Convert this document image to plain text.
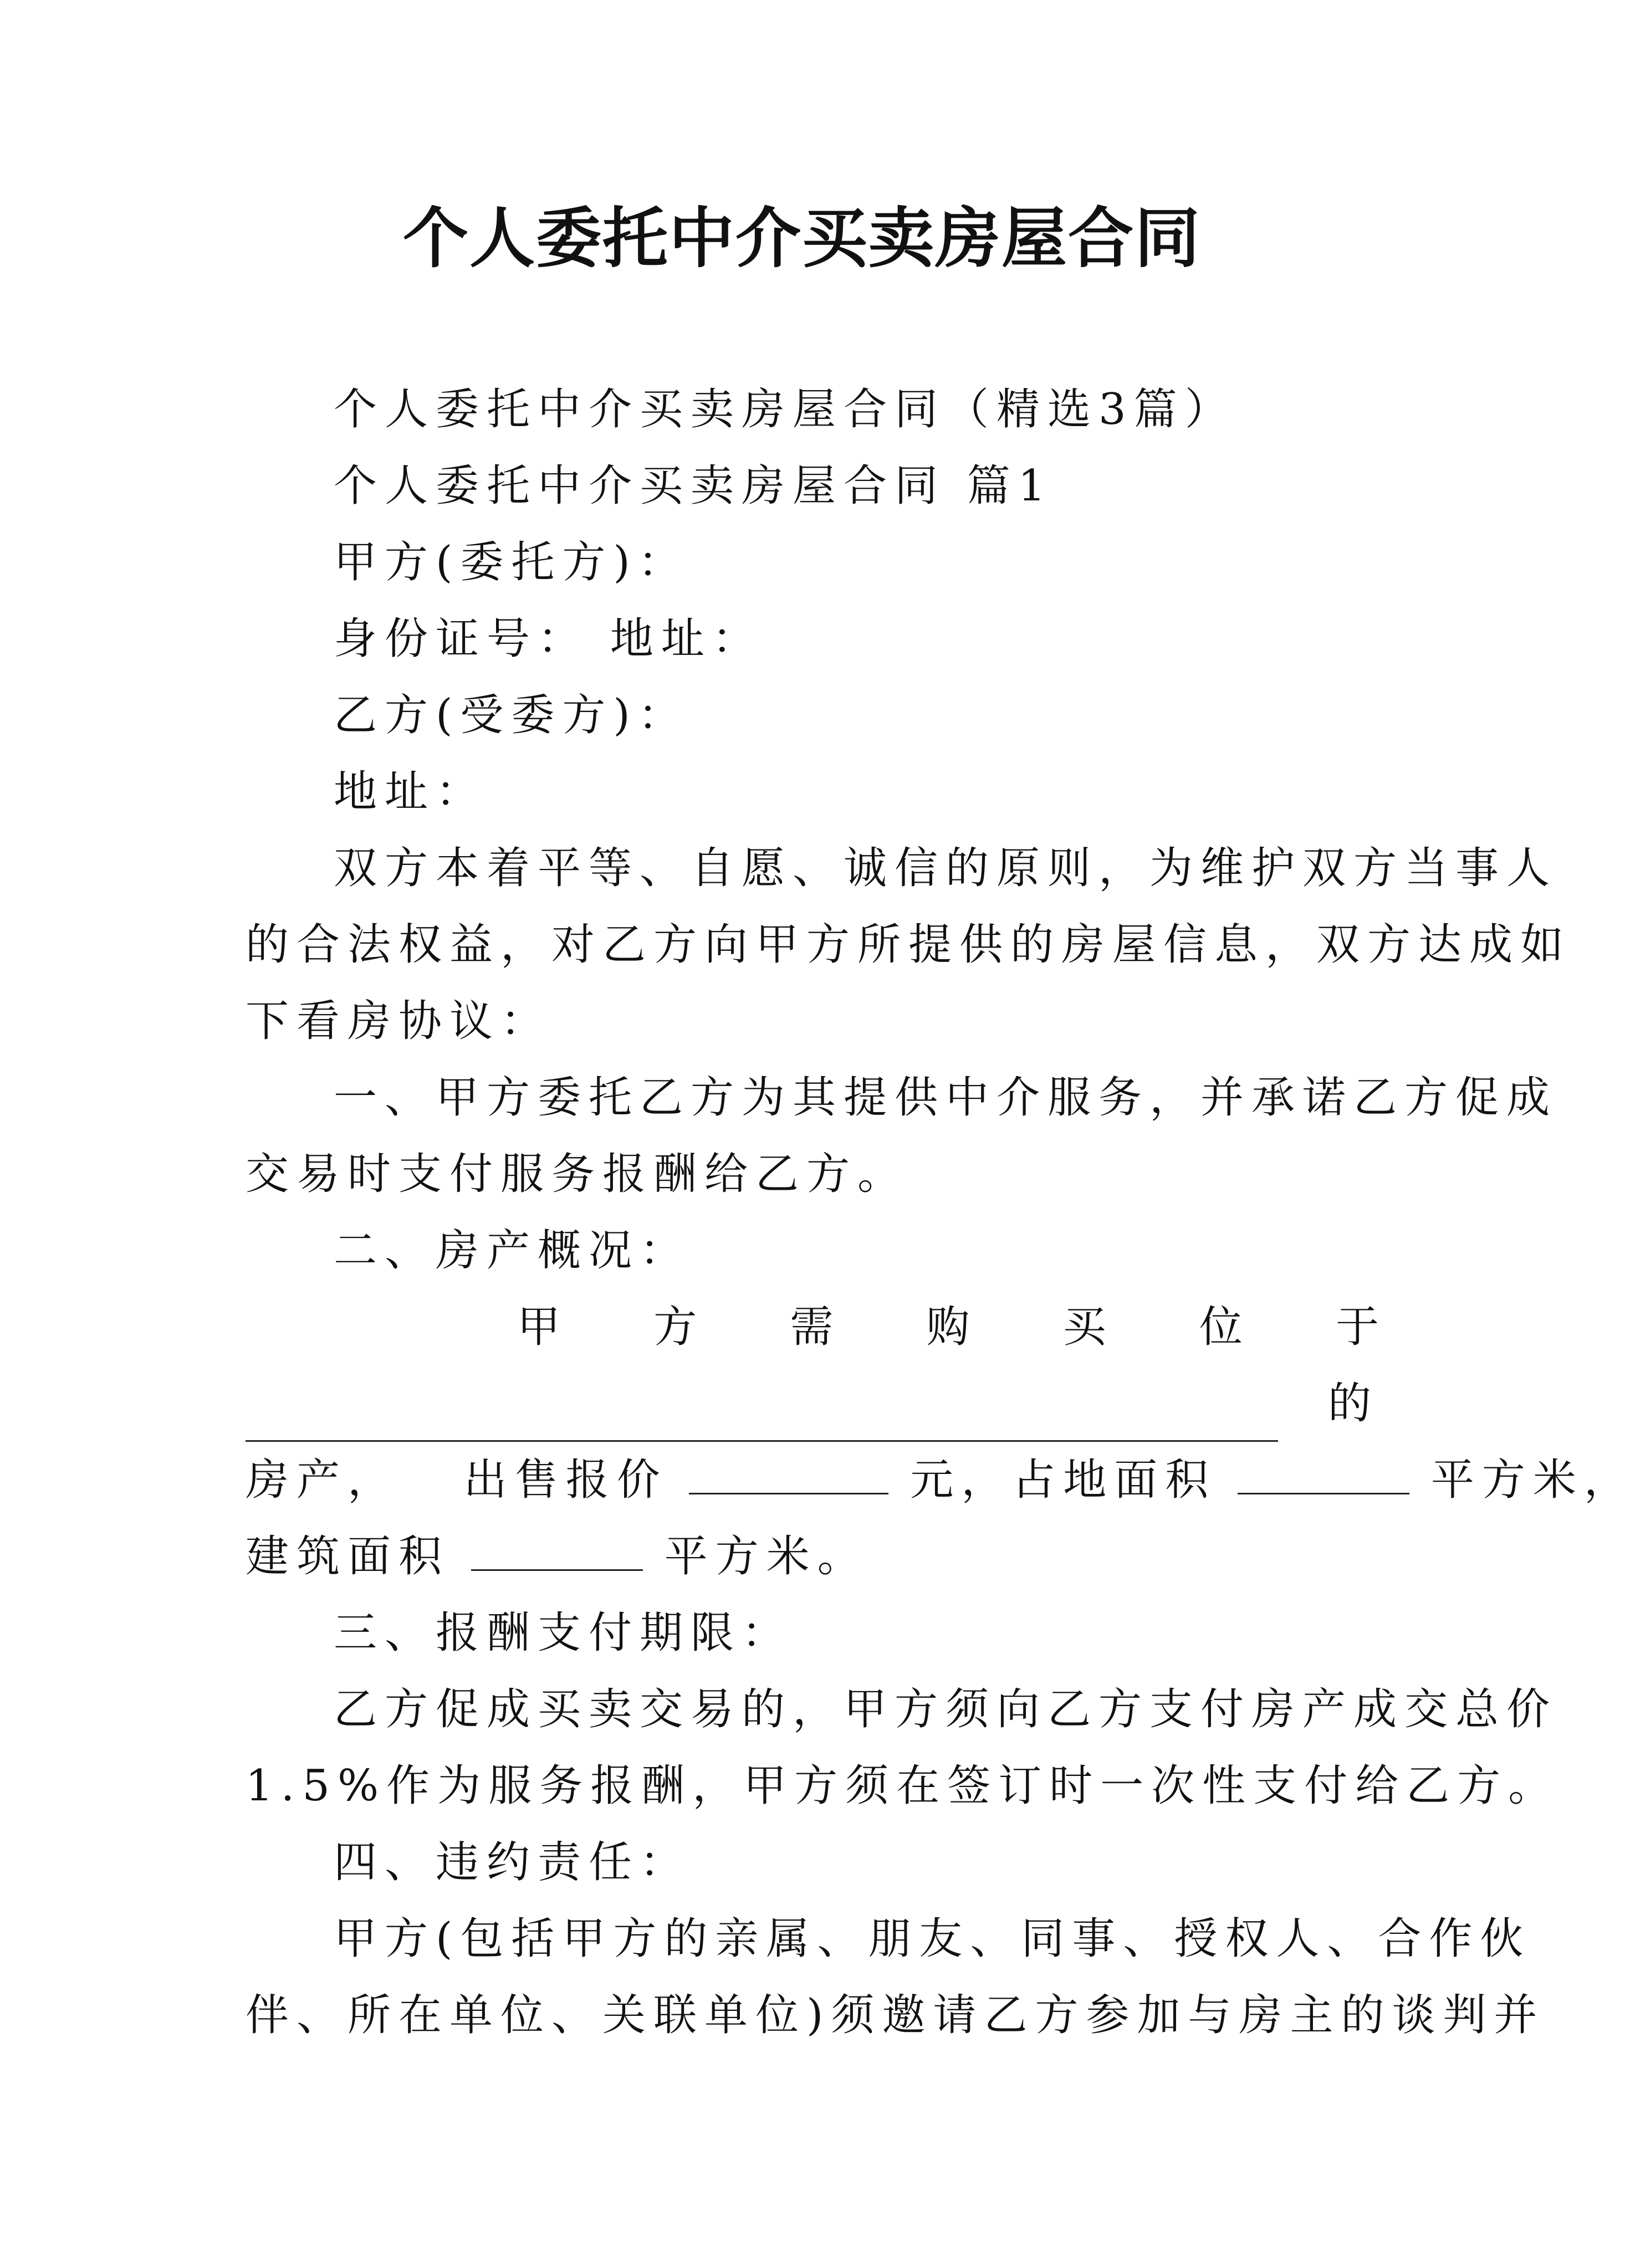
个人委托中介买卖房屋合同

个人委托中介买卖房屋合同（精选3篇）

个人委托中介买卖房屋合同 篇1

甲方(委托方)：

身份证号： 地址：

乙方(受委方)：

地址：

双方本着平等、自愿、诚信的原则，为维护双方当事人

的合法权益，对乙方向甲方所提供的房屋信息，双方达成如

下看房协议：

一、甲方委托乙方为其提供中介服务，并承诺乙方促成

交易时支付服务报酬给乙方。

二、房产概况：

甲 方 需 购 买 位 于
的

房产， 出售报价	元，占地面积	平方米，

建筑面积	平方米。

三、报酬支付期限：

乙方促成买卖交易的，甲方须向乙方支付房产成交总价

1.5%作为服务报酬，甲方须在签订时一次性支付给乙方。

四、违约责任：

甲方(包括甲方的亲属、朋友、同事、授权人、合作伙

伴、所在单位、关联单位)须邀请乙方参加与房主的谈判并
